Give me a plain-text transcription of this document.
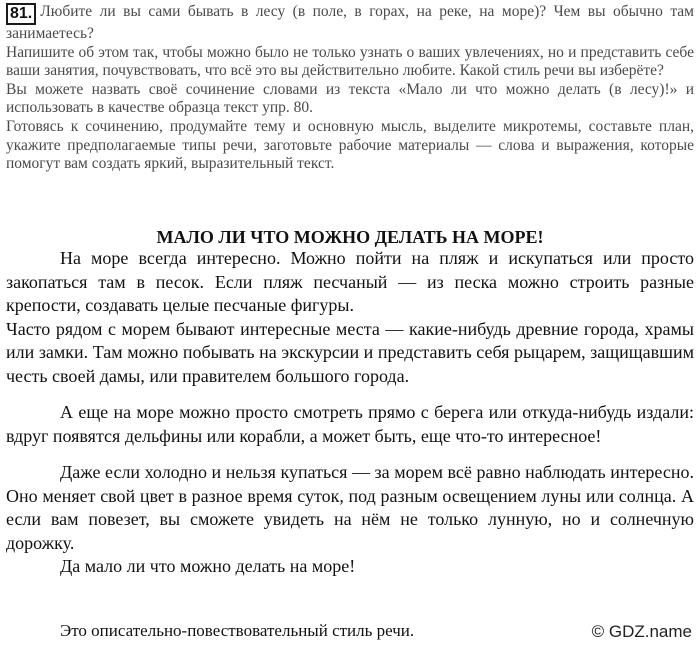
81. Любите ли вы сами бывать в лесу (в поле, в горах, на реке, на море)? Чем вы обычно там занимаетесь?

Напишите об этом так, чтобы можно было не только узнать о ваших увлечениях, но и представить себе ваши занятия, почувствовать, что всё это вы действительно любите. Какой стиль речи вы изберёте?

Вы можете назвать своё сочинение словами из текста «Мало ли что можно делать (в лесу)!» и использовать в качестве образца текст упр. 80.

Готовясь к сочинению, продумайте тему и основную мысль, выделите микротемы, составьте план, укажите предполагаемые типы речи, заготовьте рабочие материалы — слова и выражения, которые помогут вам создать яркий, выразительный текст.

МАЛО ЛИ ЧТО МОЖНО ДЕЛАТЬ НА МОРЕ!

На море всегда интересно. Можно пойти на пляж и искупаться или просто закопаться там в песок. Если пляж песчаный — из песка можно строить разные крепости, создавать целые песчаные фигуры.

Часто рядом с морем бывают интересные места — какие-нибудь древние города, храмы или замки. Там можно побывать на экскурсии и представить себя рыцарем, защищавшим честь своей дамы, или правителем большого города.

А еще на море можно просто смотреть прямо с берега или откуда-нибудь издали: вдруг появятся дельфины или корабли, а может быть, еще что-то интересное!

Даже если холодно и нельзя купаться — за морем всё равно наблюдать интересно. Оно меняет свой цвет в разное время суток, под разным освещением луны или солнца. А если вам повезет, вы сможете увидеть на нём не только лунную, но и солнечную дорожку.

Да мало ли что можно делать на море!

Это описательно-повествовательный стиль речи.	© GDZ.name
